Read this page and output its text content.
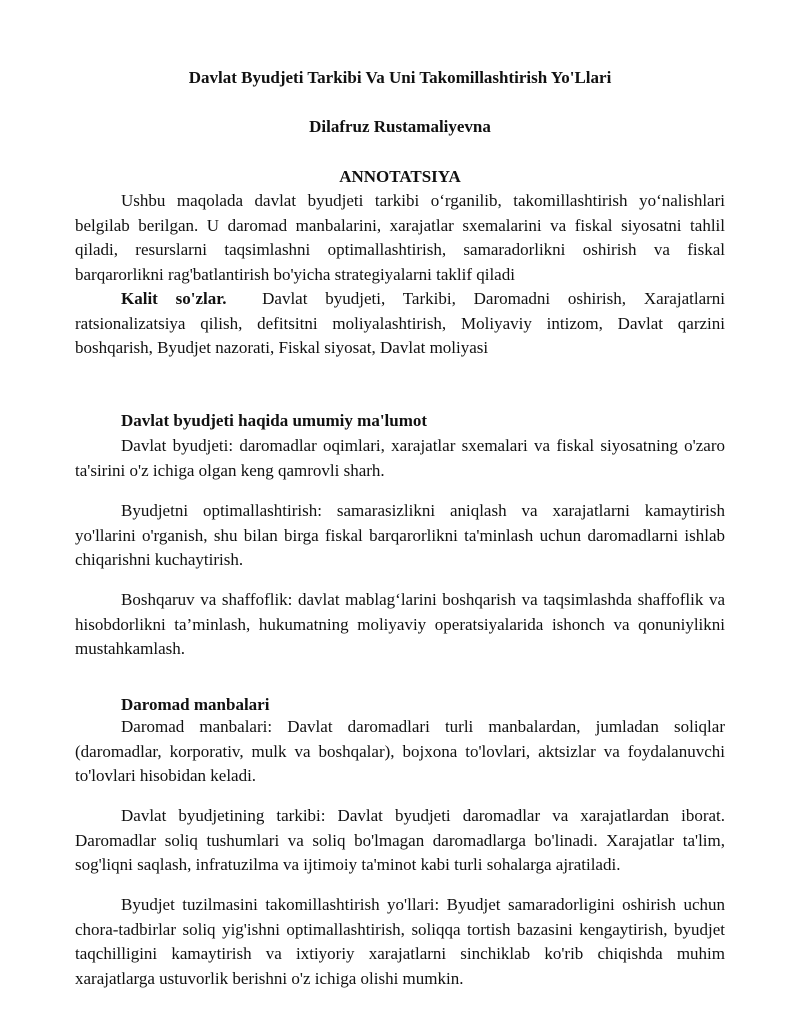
Davlat Byudjeti Tarkibi Va Uni Takomillashtirish Yo'Llari
Dilafruz Rustamaliyevna
ANNOTATSIYA

Ushbu maqolada davlat byudjeti tarkibi o‘rganilib, takomillashtirish yo‘nalishlari belgilab berilgan. U daromad manbalarini, xarajatlar sxemalarini va fiskal siyosatni tahlil qiladi, resurslarni taqsimlashni optimallashtirish, samaradorlikni oshirish va fiskal barqarorlikni rag'batlantirish bo'yicha strategiyalarni taklif qiladi

Kalit so'zlar. Davlat byudjeti, Tarkibi, Daromadni oshirish, Xarajatlarni ratsionalizatsiya qilish, defitsitni moliyalashtirish, Moliyaviy intizom, Davlat qarzini boshqarish, Byudjet nazorati, Fiskal siyosat, Davlat moliyasi

Davlat byudjeti haqida umumiy ma'lumot

Davlat byudjeti: daromadlar oqimlari, xarajatlar sxemalari va fiskal siyosatning o'zaro ta'sirini o'z ichiga olgan keng qamrovli sharh.

Byudjetni optimallashtirish: samarasizlikni aniqlash va xarajatlarni kamaytirish yo'llarini o'rganish, shu bilan birga fiskal barqarorlikni ta'minlash uchun daromadlarni ishlab chiqarishni kuchaytirish.

Boshqaruv va shaffoflik: davlat mablag‘larini boshqarish va taqsimlashda shaffoflik va hisobdorlikni ta’minlash, hukumatning moliyaviy operatsiyalarida ishonch va qonuniylikni mustahkamlash.

Daromad manbalari

Daromad manbalari: Davlat daromadlari turli manbalardan, jumladan soliqlar (daromadlar, korporativ, mulk va boshqalar), bojxona to'lovlari, aktsizlar va foydalanuvchi to'lovlari hisobidan keladi.

Davlat byudjetining tarkibi: Davlat byudjeti daromadlar va xarajatlardan iborat. Daromadlar soliq tushumlari va soliq bo'lmagan daromadlarga bo'linadi. Xarajatlar ta'lim, sog'liqni saqlash, infratuzilma va ijtimoiy ta'minot kabi turli sohalarga ajratiladi.

Byudjet tuzilmasini takomillashtirish yo'llari: Byudjet samaradorligini oshirish uchun chora-tadbirlar soliq yig'ishni optimallashtirish, soliqqa tortish bazasini kengaytirish, byudjet taqchilligini kamaytirish va ixtiyoriy xarajatlarni sinchiklab ko'rib chiqishda muhim xarajatlarga ustuvorlik berishni o'z ichiga olishi mumkin.
